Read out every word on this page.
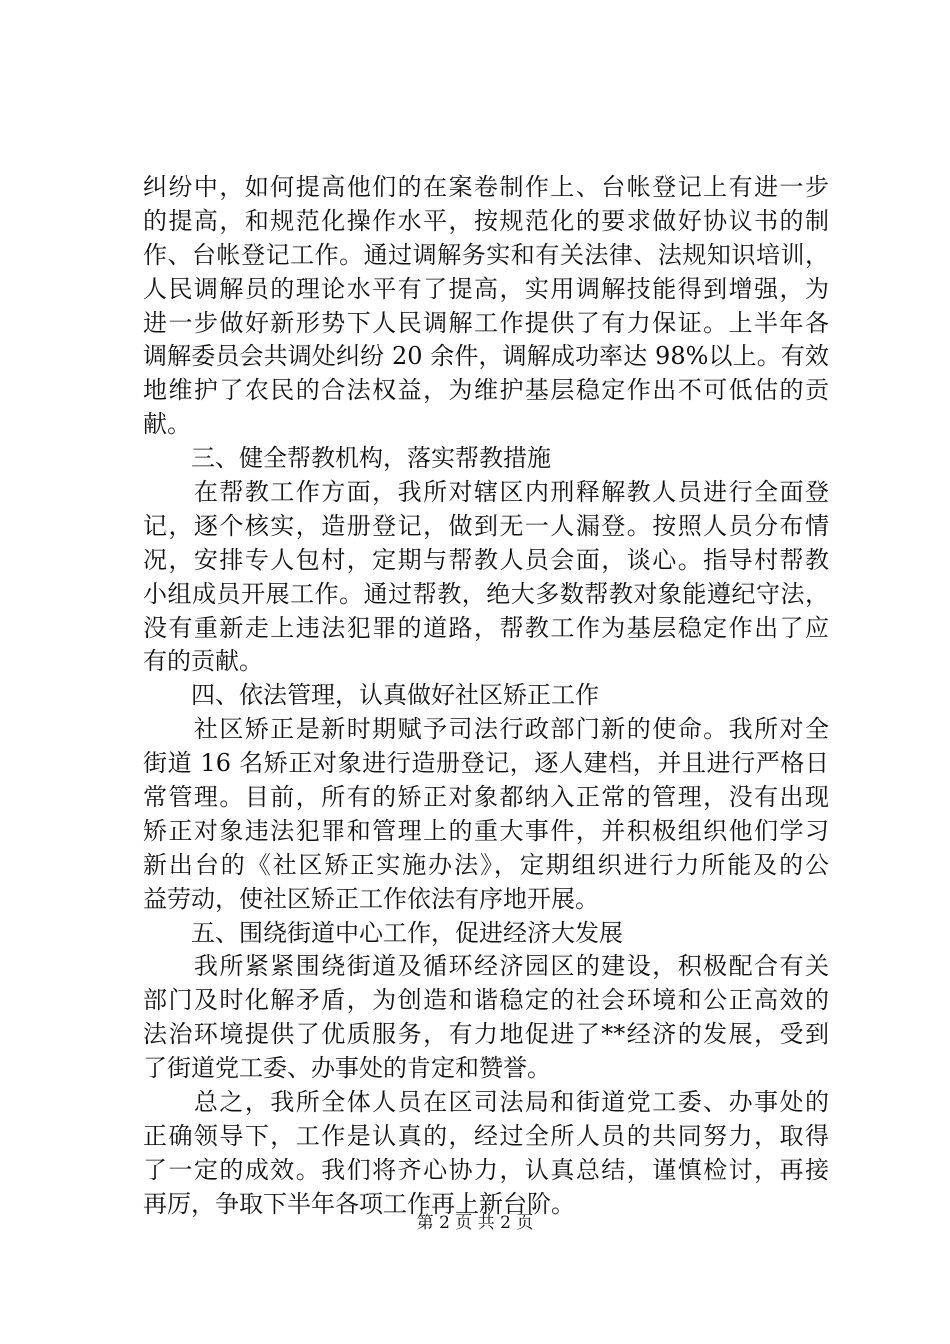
纠纷中，如何提高他们的在案卷制作上、台帐登记上有进一步
的提高，和规范化操作水平，按规范化的要求做好协议书的制
作、台帐登记工作。通过调解务实和有关法律、法规知识培训，
人民调解员的理论水平有了提高，实用调解技能得到增强，为
进一步做好新形势下人民调解工作提供了有力保证。上半年各
调解委员会共调处纠纷 20 余件，调解成功率达 98%以上。有效
地维护了农民的合法权益，为维护基层稳定作出不可低估的贡
献。
　　三、健全帮教机构，落实帮教措施
　　在帮教工作方面，我所对辖区内刑释解教人员进行全面登
记，逐个核实，造册登记，做到无一人漏登。按照人员分布情
况，安排专人包村，定期与帮教人员会面，谈心。指导村帮教
小组成员开展工作。通过帮教，绝大多数帮教对象能遵纪守法，
没有重新走上违法犯罪的道路，帮教工作为基层稳定作出了应
有的贡献。
　　四、依法管理，认真做好社区矫正工作
　　社区矫正是新时期赋予司法行政部门新的使命。我所对全
街道 16 名矫正对象进行造册登记，逐人建档，并且进行严格日
常管理。目前，所有的矫正对象都纳入正常的管理，没有出现
矫正对象违法犯罪和管理上的重大事件，并积极组织他们学习
新出台的《社区矫正实施办法》，定期组织进行力所能及的公
益劳动，使社区矫正工作依法有序地开展。
　　五、围绕街道中心工作，促进经济大发展
　　我所紧紧围绕街道及循环经济园区的建设，积极配合有关
部门及时化解矛盾，为创造和谐稳定的社会环境和公正高效的
法治环境提供了优质服务，有力地促进了**经济的发展，受到
了街道党工委、办事处的肯定和赞誉。
　　总之，我所全体人员在区司法局和街道党工委、办事处的
正确领导下，工作是认真的，经过全所人员的共同努力，取得
了一定的成效。我们将齐心协力，认真总结，谨慎检讨，再接
再厉，争取下半年各项工作再上新台阶。
第 2 页 共 2 页
